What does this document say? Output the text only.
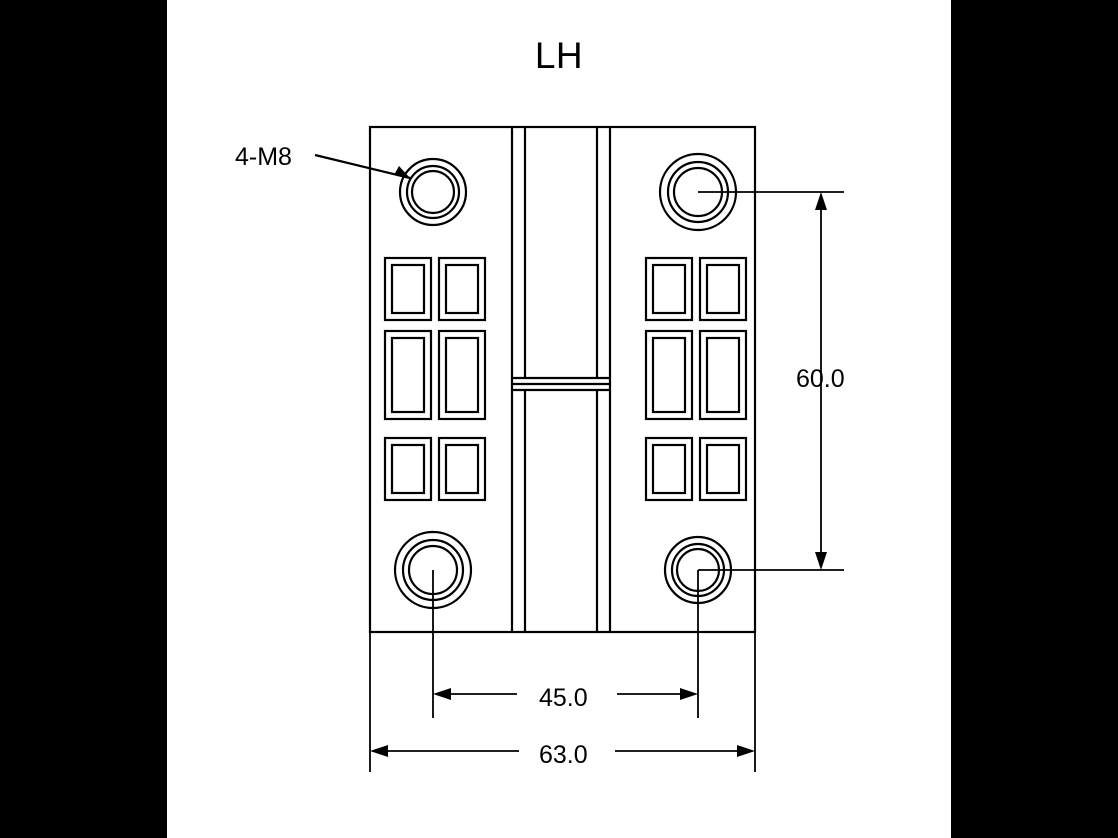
LH
4-M8
60.0
45.0
63.0
